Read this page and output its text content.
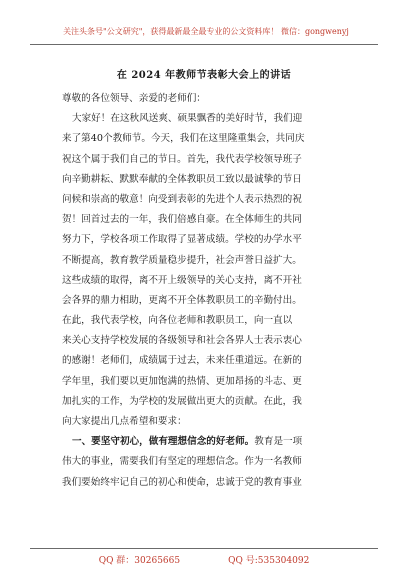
关注头条号"公文研究"，获得最新最全最专业的公文资料库！ 微信：gongwenyj
在 2024 年教师节表彰大会上的讲话
尊敬的各位领导、亲爱的老师们：
大家好！在这秋风送爽、硕果飘香的美好时节，我们迎
来了第40个教师节。今天，我们在这里隆重集会，共同庆
祝这个属于我们自己的节日。首先，我代表学校领导班子
向辛勤耕耘、默默奉献的全体教职员工致以最诚挚的节日
问候和崇高的敬意！向受到表彰的先进个人表示热烈的祝
贺！回首过去的一年，我们倍感自豪。在全体师生的共同
努力下，学校各项工作取得了显著成绩。学校的办学水平
不断提高，教育教学质量稳步提升，社会声誉日益扩大。
这些成绩的取得，离不开上级领导的关心支持，离不开社
会各界的鼎力相助，更离不开全体教职员工的辛勤付出。
在此，我代表学校，向各位老师和教职员工，向一直以
来关心支持学校发展的各级领导和社会各界人士表示衷心
的感谢！老师们，成绩属于过去，未来任重道远。在新的
学年里，我们要以更加饱满的热情、更加昂扬的斗志、更
加扎实的工作，为学校的发展做出更大的贡献。在此，我
向大家提出几点希望和要求：
一、要坚守初心，做有理想信念的好老师。教育是一项
伟大的事业，需要我们有坚定的理想信念。作为一名教师
我们要始终牢记自己的初心和使命，忠诚于党的教育事业
QQ 群：30265665	QQ 号:535304092
